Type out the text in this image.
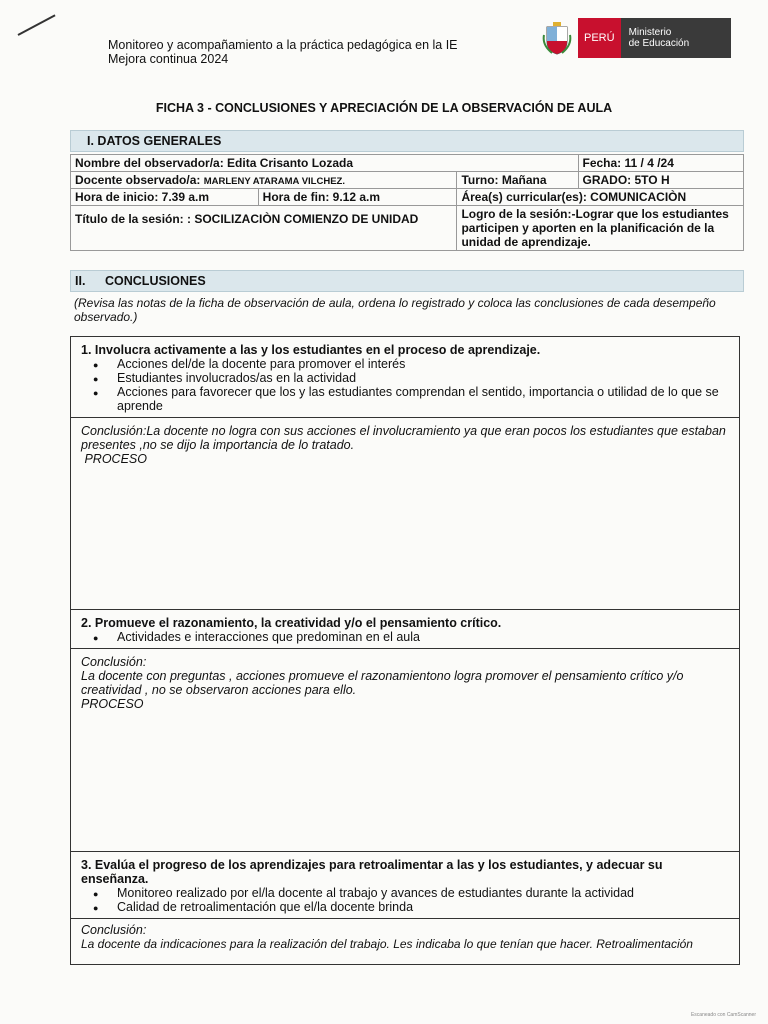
Monitoreo y acompañamiento a la práctica pedagógica en la IE
Mejora continua 2024
PERÚ	Ministerio
de Educación
FICHA 3 - CONCLUSIONES Y APRECIACIÓN DE LA OBSERVACIÓN DE AULA
I. DATOS GENERALES
Nombre del observador/a: Edita Crisanto Lozada			Fecha: 11 / 4 /24
Docente observado/a: MARLENY ATARAMA VILCHEZ.		Turno: Mañana	GRADO: 5TO H
Hora de inicio: 7.39 a.m	Hora de fin: 9.12 a.m	Área(s) curricular(es): COMUNICACIÒN	
Título de la sesión: : SOCILIZACIÒN COMIENZO DE UNIDAD		Logro de la sesión:-Lograr que los estudiantes participen y aporten en la planificación de la unidad de aprendizaje.	
II.	CONCLUSIONES
(Revisa las notas de la ficha de observación de aula, ordena lo registrado y coloca las conclusiones de cada desempeño observado.)
1. Involucra activamente a las y los estudiantes en el proceso de aprendizaje.
● Acciones del/de la docente para promover el interés
● Estudiantes involucrados/as en la actividad
● Acciones para favorecer que los y las estudiantes comprendan el sentido, importancia o utilidad de lo que se aprende
Conclusión:La docente no logra con sus acciones el involucramiento ya que eran pocos los estudiantes que estaban presentes ,no se dijo la importancia de lo tratado.
PROCESO
2. Promueve el razonamiento, la creatividad y/o el pensamiento crítico.
● Actividades e interacciones que predominan en el aula
Conclusión:
La docente con preguntas , acciones promueve el razonamientono logra promover el pensamiento crítico y/o creatividad , no se observaron acciones para ello.
PROCESO
3. Evalúa el progreso de los aprendizajes para retroalimentar a las y los estudiantes, y adecuar su enseñanza.
● Monitoreo realizado por el/la docente al trabajo y avances de estudiantes durante la actividad
● Calidad de retroalimentación que el/la docente brinda
Conclusión:
La docente da indicaciones para la realización del trabajo. Les indicaba lo que tenían que hacer. Retroalimentación
Escaneado con CamScanner
